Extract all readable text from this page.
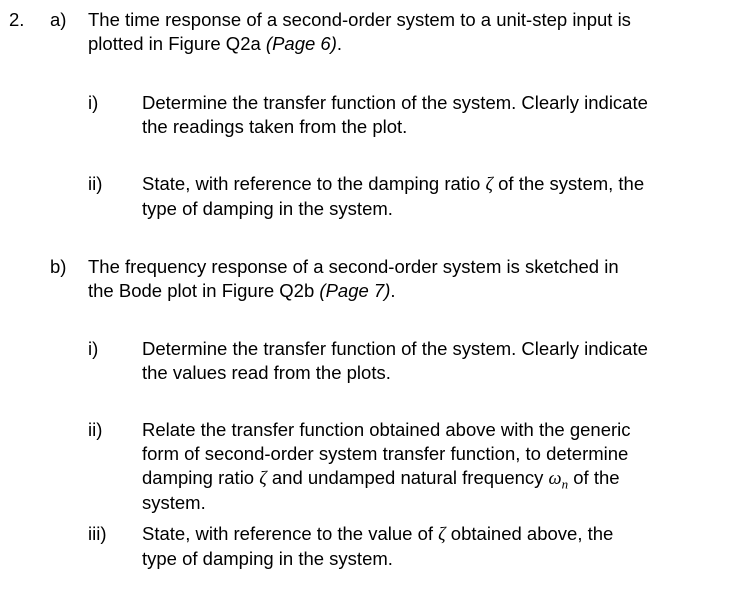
2. a) The time response of a second-order system to a unit-step input is
plotted in Figure Q2a (Page 6).
i) Determine the transfer function of the system. Clearly indicate
the readings taken from the plot.
ii) State, with reference to the damping ratio ζ of the system, the
type of damping in the system.
b) The frequency response of a second-order system is sketched in
the Bode plot in Figure Q2b (Page 7).
i) Determine the transfer function of the system. Clearly indicate
the values read from the plots.
ii) Relate the transfer function obtained above with the generic
form of second-order system transfer function, to determine
damping ratio ζ and undamped natural frequency $\omega_n$ of the
system.
iii) State, with reference to the value of ζ obtained above, the
type of damping in the system.
